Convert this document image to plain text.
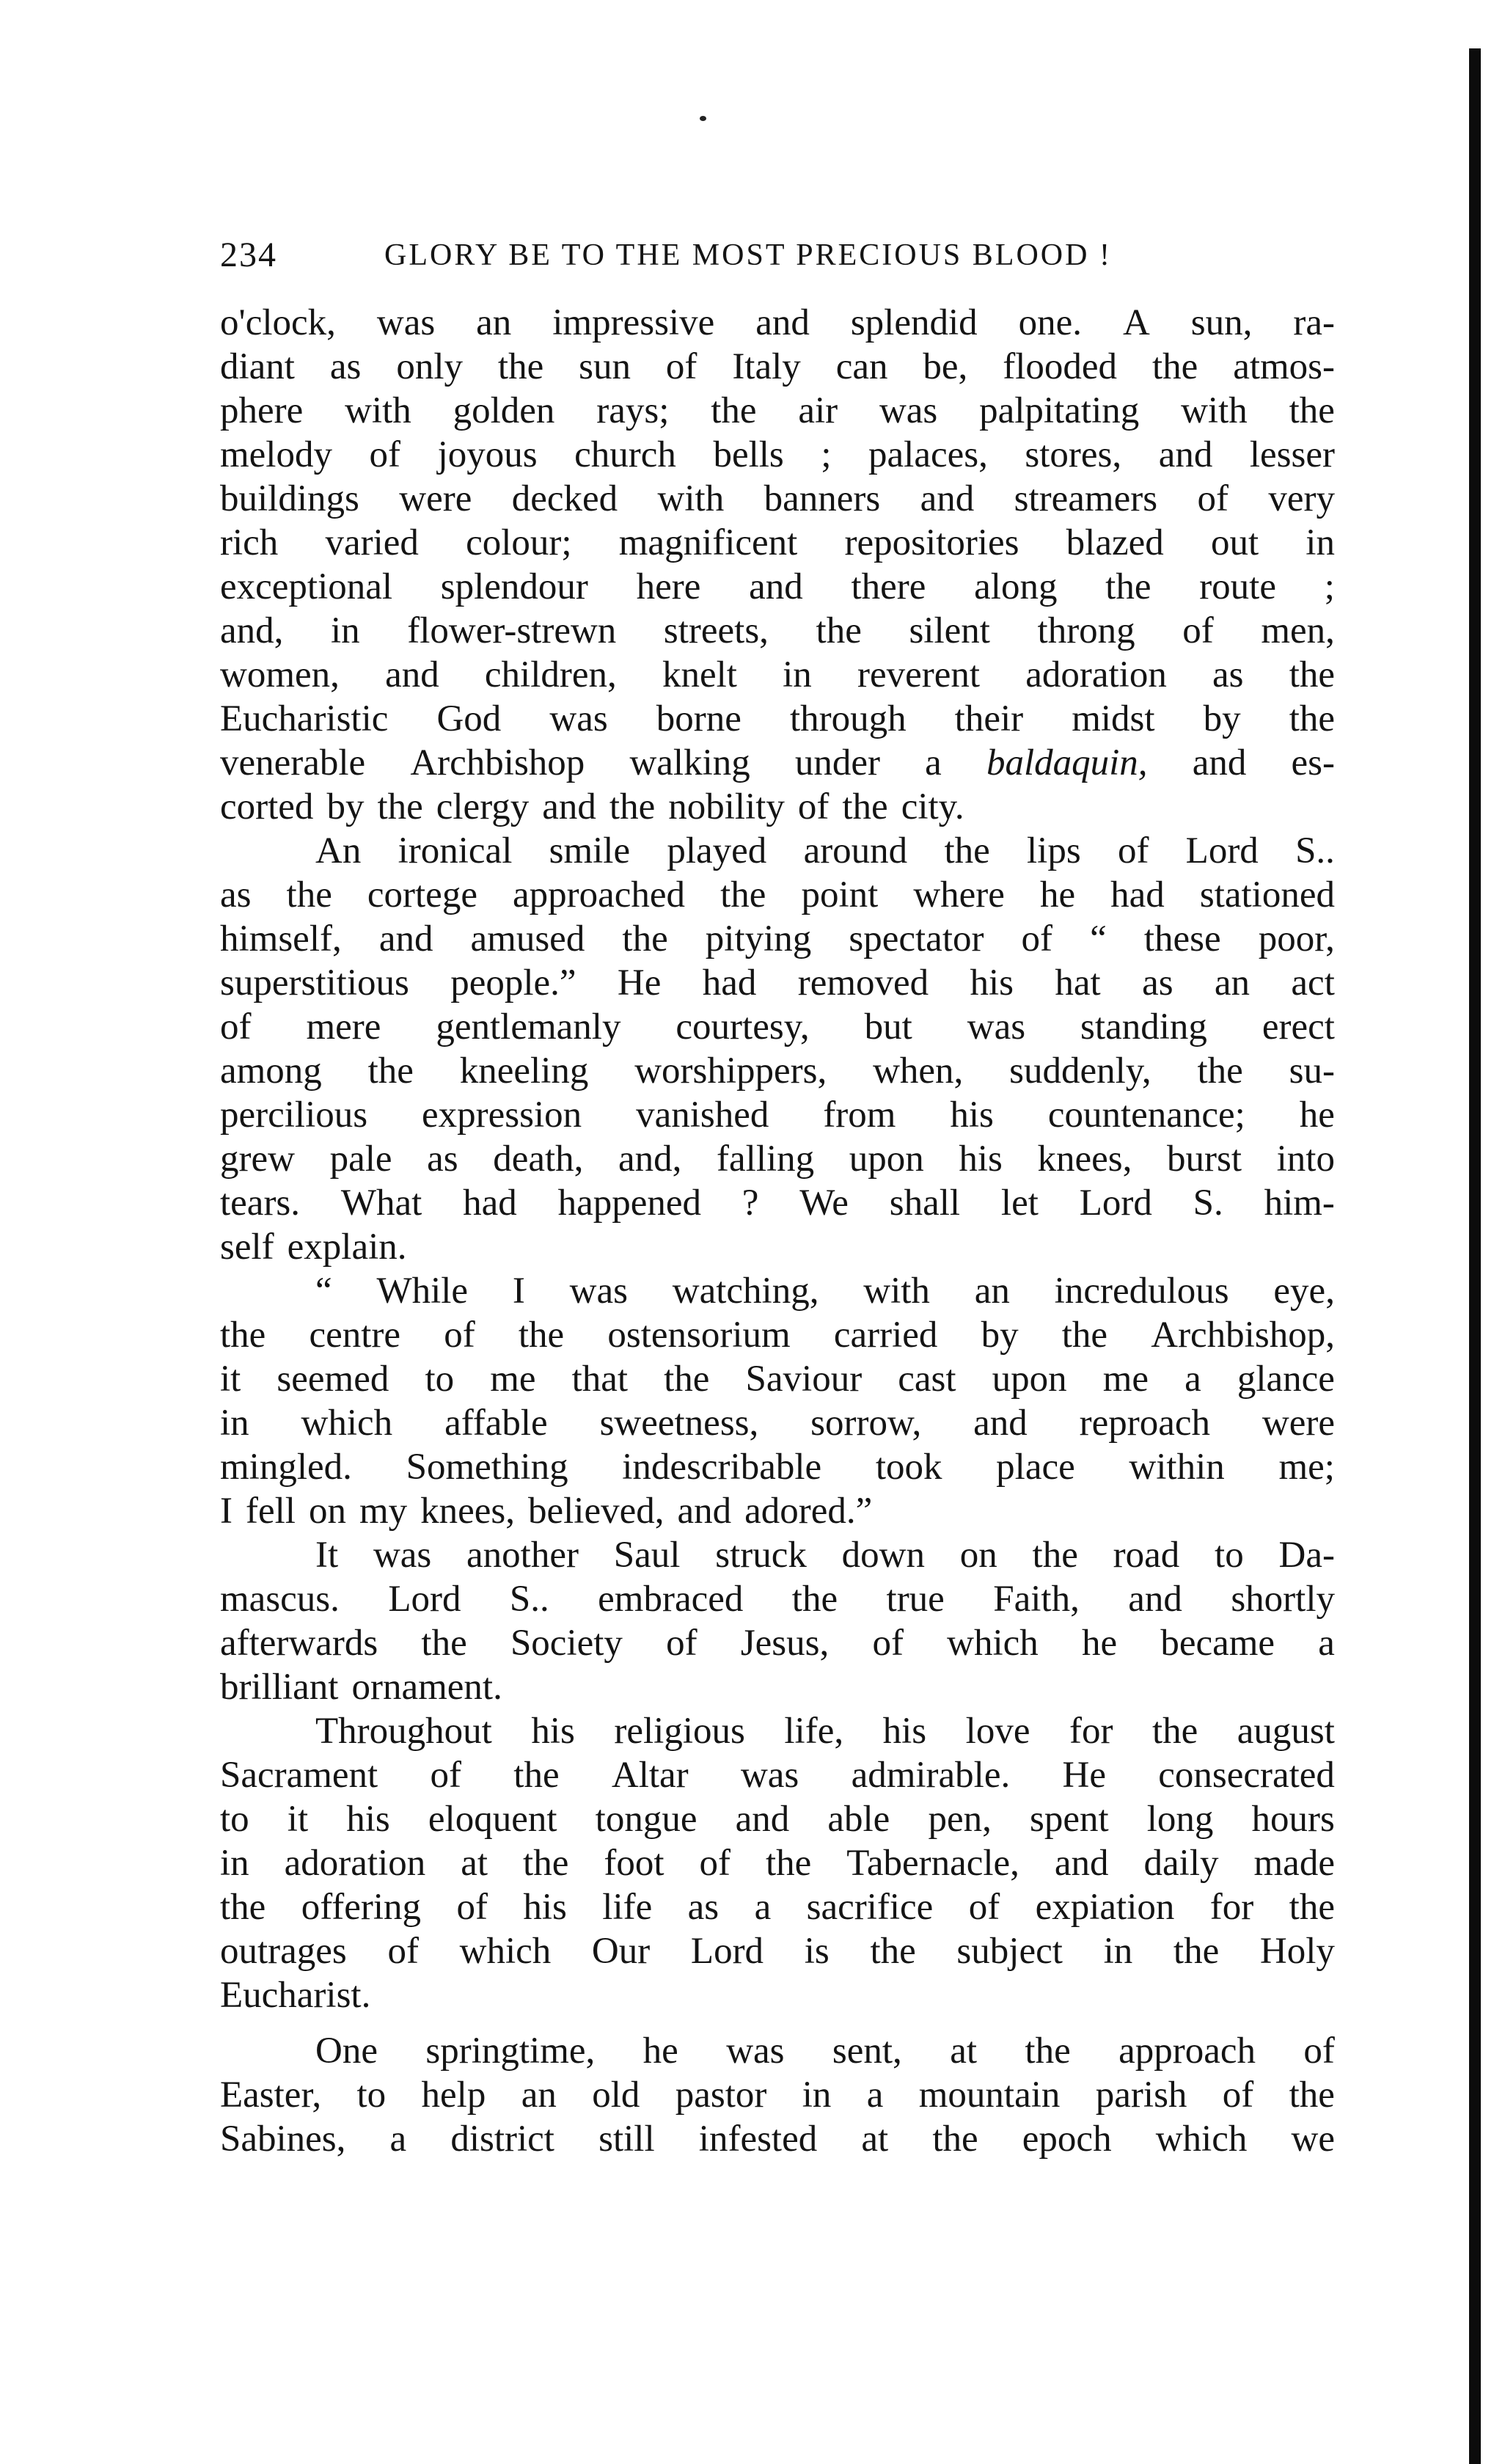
234	GLORY BE TO THE MOST PRECIOUS BLOOD !
o'clock, was an impressive and splendid one. A sun, ra-
diant as only the sun of Italy can be, flooded the atmos-
phere with golden rays; the air was palpitating with the
melody of joyous church bells ; palaces, stores, and lesser
buildings were decked with banners and streamers of very
rich varied colour; magnificent repositories blazed out in
exceptional splendour here and there along the route ;
and, in flower-strewn streets, the silent throng of men,
women, and children, knelt in reverent adoration as the
Eucharistic God was borne through their midst by the
venerable Archbishop walking under a baldaquin, and es-
corted by the clergy and the nobility of the city.
An ironical smile played around the lips of Lord S..
as the cortege approached the point where he had stationed
himself, and amused the pitying spectator of “ these poor,
superstitious people.” He had removed his hat as an act
of mere gentlemanly courtesy, but was standing erect
among the kneeling worshippers, when, suddenly, the su-
percilious expression vanished from his countenance; he
grew pale as death, and, falling upon his knees, burst into
tears. What had happened ? We shall let Lord S. him-
self explain.
“ While I was watching, with an incredulous eye,
the centre of the ostensorium carried by the Archbishop,
it seemed to me that the Saviour cast upon me a glance
in which affable sweetness, sorrow, and reproach were
mingled. Something indescribable took place within me;
I fell on my knees, believed, and adored.”
It was another Saul struck down on the road to Da-
mascus. Lord S.. embraced the true Faith, and shortly
afterwards the Society of Jesus, of which he became a
brilliant ornament.
Throughout his religious life, his love for the august
Sacrament of the Altar was admirable. He consecrated
to it his eloquent tongue and able pen, spent long hours
in adoration at the foot of the Tabernacle, and daily made
the offering of his life as a sacrifice of expiation for the
outrages of which Our Lord is the subject in the Holy
Eucharist.
One springtime, he was sent, at the approach of
Easter, to help an old pastor in a mountain parish of the
Sabines, a district still infested at the epoch which we
